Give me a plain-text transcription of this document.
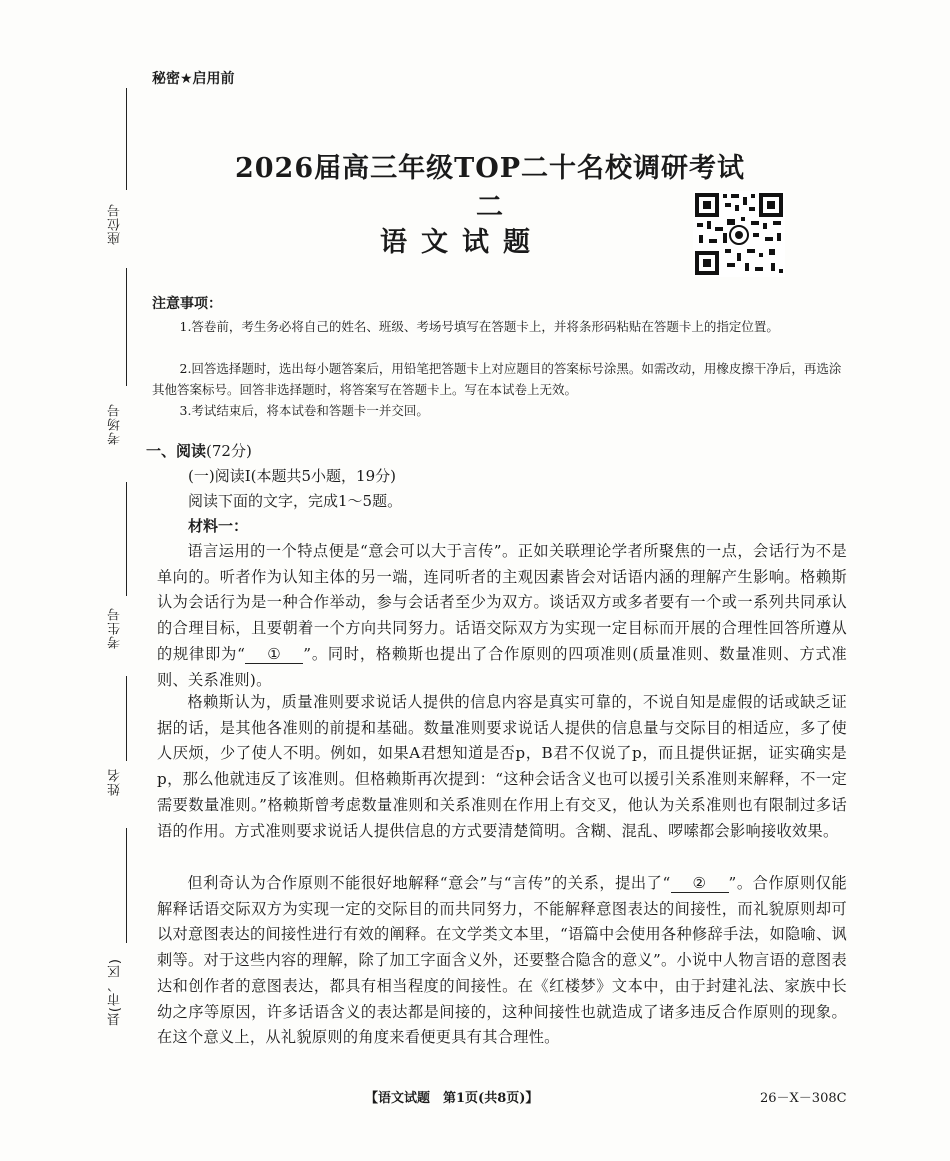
秘密★启用前
2026届高三年级TOP二十名校调研考试二
语文试题
座位号
考场号
考生号
姓名
县(市、区)
注意事项：
1.答卷前，考生务必将自己的姓名、班级、考场号填写在答题卡上，并将条形码粘贴在答题卡上的指定位置。
2.回答选择题时，选出每小题答案后，用铅笔把答题卡上对应题目的答案标号涂黑。如需改动，用橡皮擦干净后，再选涂其他答案标号。回答非选择题时，将答案写在答题卡上。写在本试卷上无效。
3.考试结束后，将本试卷和答题卡一并交回。
一、阅读(72分)
(一)阅读Ⅰ(本题共5小题，19分)
阅读下面的文字，完成1～5题。
材料一：
语言运用的一个特点便是“意会可以大于言传”。正如关联理论学者所聚焦的一点，会话行为不是单向的。听者作为认知主体的另一端，连同听者的主观因素皆会对话语内涵的理解产生影响。格赖斯认为会话行为是一种合作举动，参与会话者至少为双方。谈话双方或多者要有一个或一系列共同承认的合理目标，且要朝着一个方向共同努力。话语交际双方为实现一定目标而开展的合理性回答所遵从的规律即为“ ① ”。同时，格赖斯也提出了合作原则的四项准则(质量准则、数量准则、方式准则、关系准则)。
格赖斯认为，质量准则要求说话人提供的信息内容是真实可靠的，不说自知是虚假的话或缺乏证据的话，是其他各准则的前提和基础。数量准则要求说话人提供的信息量与交际目的相适应，多了使人厌烦，少了使人不明。例如，如果A君想知道是否p，B君不仅说了p，而且提供证据，证实确实是p，那么他就违反了该准则。但格赖斯再次提到：“这种会话含义也可以援引关系准则来解释，不一定需要数量准则。”格赖斯曾考虑数量准则和关系准则在作用上有交叉，他认为关系准则也有限制过多话语的作用。方式准则要求说话人提供信息的方式要清楚简明。含糊、混乱、啰嗦都会影响接收效果。
但利奇认为合作原则不能很好地解释“意会”与“言传”的关系，提出了“ ② ”。合作原则仅能解释话语交际双方为实现一定的交际目的而共同努力，不能解释意图表达的间接性，而礼貌原则却可以对意图表达的间接性进行有效的阐释。在文学类文本里，“语篇中会使用各种修辞手法，如隐喻、讽刺等。对于这些内容的理解，除了加工字面含义外，还要整合隐含的意义”。小说中人物言语的意图表达和创作者的意图表达，都具有相当程度的间接性。在《红楼梦》文本中，由于封建礼法、家族中长幼之序等原因，许多话语含义的表达都是间接的，这种间接性也就造成了诸多违反合作原则的现象。在这个意义上，从礼貌原则的角度来看便更具有其合理性。
【语文试题　第1页(共8页)】	26－X－308C
